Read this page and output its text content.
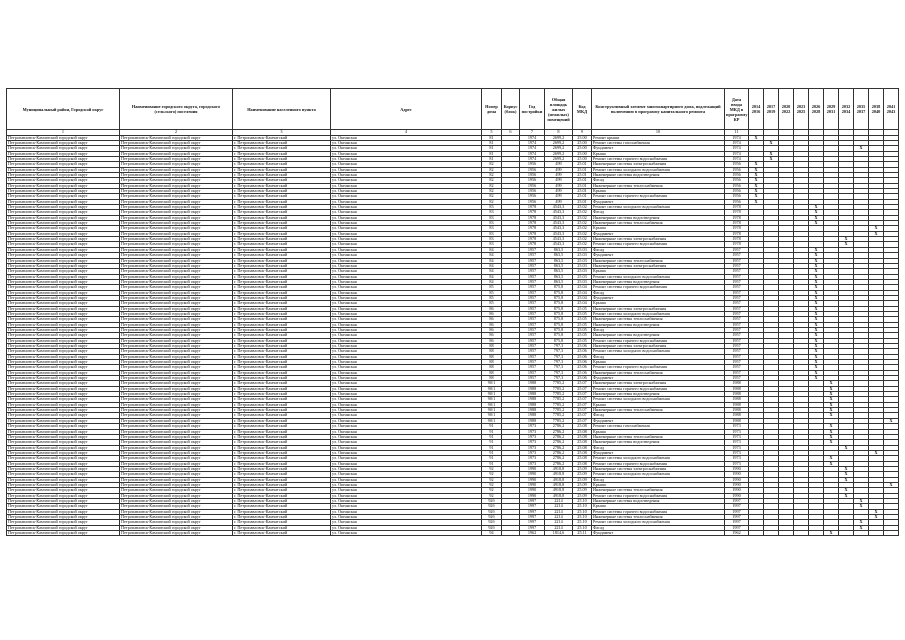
Муниципальный район, Городской округ	Наименование городского округа, городского (сельского) поселения	Наименование населенного пункта	Адрес	Номер дома	Корпус (блок)	Год постройки	Общая площадь жилых (нежилых) помещений	Код МКД	Конструктивный элемент многоквартирного дома, подлежащий включению в программу капитального ремонта	Дата ввода МКД в программу КР	2014 2016	2017 2019	2020 2022	2023 2025	2026 2028	2029 2031	2032 2034	2035 2037	2038 2040	2041 2043
1	2	3	4	5	6	7	8	9	10	11										
Петропавловск-Камчатский городской округ	Петропавловск-Камчатский городской округ	г. Петропавловск-Камчатский	ул. Океанская	81		1974	2699,2	25.00	Ремонт крыши	1974	X									
Петропавловск-Камчатский городской округ	Петропавловск-Камчатский городской округ	г. Петропавловск-Камчатский	ул. Океанская	81		1974	2699,2	25.00	Ремонт системы газоснабжения	1974		X								
Петропавловск-Камчатский городской округ	Петропавловск-Камчатский городской округ	г. Петропавловск-Камчатский	ул. Океанская	81		1974	2699,2	25.00	Фундамент	1974								X		
Петропавловск-Камчатский городской округ	Петропавловск-Камчатский городской округ	г. Петропавловск-Камчатский	ул. Океанская	81		1974	2699,2	25.00	Крыша	1974		X								
Петропавловск-Камчатский городской округ	Петропавловск-Камчатский городской округ	г. Петропавловск-Камчатский	ул. Океанская	81		1974	2699,2	25.00	Ремонт системы горячего водоснабжения	1974		X								
Петропавловск-Камчатский городской округ	Петропавловск-Камчатский городской округ	г. Петропавловск-Камчатский	ул. Океанская	82		1956	499	25.01	Инженерные системы электроснабжения	1956	X									
Петропавловск-Камчатский городской округ	Петропавловск-Камчатский городской округ	г. Петропавловск-Камчатский	ул. Океанская	82		1956	499	25.01	Ремонт системы холодного водоснабжения	1956	X									
Петропавловск-Камчатский городской округ	Петропавловск-Камчатский городской округ	г. Петропавловск-Камчатский	ул. Океанская	82		1956	499	25.01	Инженерные системы водоотведения	1956	X									
Петропавловск-Камчатский городской округ	Петропавловск-Камчатский городской округ	г. Петропавловск-Камчатский	ул. Океанская	82		1956	499	25.01	Фасад	1956	X									
Петропавловск-Камчатский городской округ	Петропавловск-Камчатский городской округ	г. Петропавловск-Камчатский	ул. Океанская	82		1956	499	25.01	Инженерные системы теплоснабжения	1956	X									
Петропавловск-Камчатский городской округ	Петропавловск-Камчатский городской округ	г. Петропавловск-Камчатский	ул. Океанская	82		1956	499	25.01	Крыша	1956	X									
Петропавловск-Камчатский городской округ	Петропавловск-Камчатский городской округ	г. Петропавловск-Камчатский	ул. Океанская	82		1956	499	25.01	Ремонт системы горячего водоснабжения	1956	X									
Петропавловск-Камчатский городской округ	Петропавловск-Камчатский городской округ	г. Петропавловск-Камчатский	ул. Океанская	82		1956	499	25.01	Фундамент	1956	X									
Петропавловск-Камчатский городской округ	Петропавловск-Камчатский городской округ	г. Петропавловск-Камчатский	ул. Океанская	83		1978	4543,3	25.02	Ремонт системы холодного водоснабжения	1978					X					
Петропавловск-Камчатский городской округ	Петропавловск-Камчатский городской округ	г. Петропавловск-Камчатский	ул. Океанская	83		1978	4543,3	25.02	Фасад	1978					X					
Петропавловск-Камчатский городской округ	Петропавловск-Камчатский городской округ	г. Петропавловск-Камчатский	ул. Океанская	83		1978	4543,3	25.02	Инженерные системы водоотведения	1978					X					
Петропавловск-Камчатский городской округ	Петропавловск-Камчатский городской округ	г. Петропавловск-Камчатский	ул. Океанская	83		1978	4543,3	25.02	Инженерные системы теплоснабжения	1978					X					
Петропавловск-Камчатский городской округ	Петропавловск-Камчатский городской округ	г. Петропавловск-Камчатский	ул. Океанская	83		1978	4543,3	25.02	Крыша	1978									X	
Петропавловск-Камчатский городской округ	Петропавловск-Камчатский городской округ	г. Петропавловск-Камчатский	ул. Океанская	83		1978	4543,3	25.02	Фундамент	1978									X	
Петропавловск-Камчатский городской округ	Петропавловск-Камчатский городской округ	г. Петропавловск-Камчатский	ул. Океанская	83		1978	4543,3	25.02	Инженерные системы электроснабжения	1978							X			
Петропавловск-Камчатский городской округ	Петропавловск-Камчатский городской округ	г. Петропавловск-Камчатский	ул. Океанская	83		1978	4543,3	25.02	Ремонт системы горячего водоснабжения	1978							X			
Петропавловск-Камчатский городской округ	Петропавловск-Камчатский городской округ	г. Петропавловск-Камчатский	ул. Океанская	84		1957	863,5	25.03	Фасад	1957					X					
Петропавловск-Камчатский городской округ	Петропавловск-Камчатский городской округ	г. Петропавловск-Камчатский	ул. Океанская	84		1957	863,5	25.03	Фундамент	1957					X					
Петропавловск-Камчатский городской округ	Петропавловск-Камчатский городской округ	г. Петропавловск-Камчатский	ул. Океанская	84		1957	863,5	25.03	Инженерные системы теплоснабжения	1957					X					
Петропавловск-Камчатский городской округ	Петропавловск-Камчатский городской округ	г. Петропавловск-Камчатский	ул. Океанская	84		1957	863,5	25.03	Инженерные системы электроснабжения	1957					X					
Петропавловск-Камчатский городской округ	Петропавловск-Камчатский городской округ	г. Петропавловск-Камчатский	ул. Океанская	84		1957	863,5	25.03	Крыша	1957					X					
Петропавловск-Камчатский городской округ	Петропавловск-Камчатский городской округ	г. Петропавловск-Камчатский	ул. Океанская	84		1957	863,5	25.03	Ремонт системы холодного водоснабжения	1957					X					
Петропавловск-Камчатский городской округ	Петропавловск-Камчатский городской округ	г. Петропавловск-Камчатский	ул. Океанская	84		1957	863,5	25.03	Инженерные системы водоотведения	1957					X					
Петропавловск-Камчатский городской округ	Петропавловск-Камчатский городской округ	г. Петропавловск-Камчатский	ул. Океанская	85		1957	875,8	25.04	Ремонт системы горячего водоснабжения	1957					X					
Петропавловск-Камчатский городской округ	Петропавловск-Камчатский городской округ	г. Петропавловск-Камчатский	ул. Океанская	85		1957	875,8	25.04	Фасад	1957					X					
Петропавловск-Камчатский городской округ	Петропавловск-Камчатский городской округ	г. Петропавловск-Камчатский	ул. Океанская	85		1957	875,8	25.04	Фундамент	1957					X					
Петропавловск-Камчатский городской округ	Петропавловск-Камчатский городской округ	г. Петропавловск-Камчатский	ул. Океанская	85		1957	875,8	25.04	Крыша	1957					X					
Петропавловск-Камчатский городской округ	Петропавловск-Камчатский городской округ	г. Петропавловск-Камчатский	ул. Океанская	86		1957	875,8	25.05	Инженерные системы электроснабжения	1957					X					
Петропавловск-Камчатский городской округ	Петропавловск-Камчатский городской округ	г. Петропавловск-Камчатский	ул. Океанская	86		1957	875,8	25.05	Ремонт системы холодного водоснабжения	1957					X					
Петропавловск-Камчатский городской округ	Петропавловск-Камчатский городской округ	г. Петропавловск-Камчатский	ул. Океанская	86		1957	875,8	25.05	Инженерные системы теплоснабжения	1957					X					
Петропавловск-Камчатский городской округ	Петропавловск-Камчатский городской округ	г. Петропавловск-Камчатский	ул. Океанская	86		1957	875,8	25.05	Инженерные системы водоотведения	1957					X					
Петропавловск-Камчатский городской округ	Петропавловск-Камчатский городской округ	г. Петропавловск-Камчатский	ул. Океанская	86		1957	875,8	25.05	Фасад	1957					X					
Петропавловск-Камчатский городской округ	Петропавловск-Камчатский городской округ	г. Петропавловск-Камчатский	ул. Океанская	86		1957	875,8	25.05	Инженерные системы водоотведения	1957					X					
Петропавловск-Камчатский городской округ	Петропавловск-Камчатский городской округ	г. Петропавловск-Камчатский	ул. Океанская	86		1957	875,8	25.05	Ремонт системы горячего водоснабжения	1957					X					
Петропавловск-Камчатский городской округ	Петропавловск-Камчатский городской округ	г. Петропавловск-Камчатский	ул. Океанская	88		1957	797,3	25.06	Инженерные системы электроснабжения	1957					X					
Петропавловск-Камчатский городской округ	Петропавловск-Камчатский городской округ	г. Петропавловск-Камчатский	ул. Океанская	88		1957	797,3	25.06	Ремонт системы холодного водоснабжения	1957					X					
Петропавловск-Камчатский городской округ	Петропавловск-Камчатский городской округ	г. Петропавловск-Камчатский	ул. Океанская	88		1957	797,3	25.06	Фасад	1957					X					
Петропавловск-Камчатский городской округ	Петропавловск-Камчатский городской округ	г. Петропавловск-Камчатский	ул. Океанская	88		1957	797,3	25.06	Крыша	1957					X					
Петропавловск-Камчатский городской округ	Петропавловск-Камчатский городской округ	г. Петропавловск-Камчатский	ул. Океанская	88		1957	797,3	25.06	Ремонт системы горячего водоснабжения	1957					X					
Петропавловск-Камчатский городской округ	Петропавловск-Камчатский городской округ	г. Петропавловск-Камчатский	ул. Океанская	88		1957	797,3	25.06	Инженерные системы теплоснабжения	1957					X					
Петропавловск-Камчатский городской округ	Петропавловск-Камчатский городской округ	г. Петропавловск-Камчатский	ул. Океанская	88		1957	797,3	25.06	Фундамент	1957					X					
Петропавловск-Камчатский городской округ	Петропавловск-Камчатский городской округ	г. Петропавловск-Камчатский	ул. Океанская	90/1		1988	7785,2	25.07	Инженерные системы электроснабжения	1988						X				
Петропавловск-Камчатский городской округ	Петропавловск-Камчатский городской округ	г. Петропавловск-Камчатский	ул. Океанская	90/1		1988	7785,2	25.07	Ремонт системы горячего водоснабжения	1988						X				
Петропавловск-Камчатский городской округ	Петропавловск-Камчатский городской округ	г. Петропавловск-Камчатский	ул. Океанская	90/1		1988	7785,2	25.07	Инженерные системы водоотведения	1988						X				
Петропавловск-Камчатский городской округ	Петропавловск-Камчатский городской округ	г. Петропавловск-Камчатский	ул. Океанская	90/1		1988	7785,2	25.07	Ремонт системы холодного водоснабжения	1988						X				
Петропавловск-Камчатский городской округ	Петропавловск-Камчатский городской округ	г. Петропавловск-Камчатский	ул. Океанская	90/1		1988	7785,2	25.07	Крыша	1988						X				
Петропавловск-Камчатский городской округ	Петропавловск-Камчатский городской округ	г. Петропавловск-Камчатский	ул. Океанская	90/1		1988	7785,2	25.07	Инженерные системы теплоснабжения	1988						X				
Петропавловск-Камчатский городской округ	Петропавловск-Камчатский городской округ	г. Петропавловск-Камчатский	ул. Океанская	90/1		1988	7785,2	25.07	Фасад	1988						X				
Петропавловск-Камчатский городской округ	Петропавловск-Камчатский городской округ	г. Петропавловск-Камчатский	ул. Океанская	90/1		1988	7785,2	25.07	Фундамент	1988										X
Петропавловск-Камчатский городской округ	Петропавловск-Камчатский городской округ	г. Петропавловск-Камчатский	ул. Океанская	91		1973	2786,2	25.08	Ремонт системы газоснабжения	1973						X				
Петропавловск-Камчатский городской округ	Петропавловск-Камчатский городской округ	г. Петропавловск-Камчатский	ул. Океанская	91		1973	2786,2	25.08	Крыша	1973						X				
Петропавловск-Камчатский городской округ	Петропавловск-Камчатский городской округ	г. Петропавловск-Камчатский	ул. Океанская	91		1973	2786,2	25.08	Инженерные системы теплоснабжения	1973						X				
Петропавловск-Камчатский городской округ	Петропавловск-Камчатский городской округ	г. Петропавловск-Камчатский	ул. Океанская	91		1973	2786,2	25.08	Инженерные системы водоотведения	1973						X				
Петропавловск-Камчатский городской округ	Петропавловск-Камчатский городской округ	г. Петропавловск-Камчатский	ул. Океанская	91		1973	2786,2	25.08	Фасад	1973							X			
Петропавловск-Камчатский городской округ	Петропавловск-Камчатский городской округ	г. Петропавловск-Камчатский	ул. Океанская	91		1973	2786,2	25.08	Фундамент	1973									X	
Петропавловск-Камчатский городской округ	Петропавловск-Камчатский городской округ	г. Петропавловск-Камчатский	ул. Океанская	91		1973	2786,2	25.08	Ремонт системы холодного водоснабжения	1973						X				
Петропавловск-Камчатский городской округ	Петропавловск-Камчатский городской округ	г. Петропавловск-Камчатский	ул. Океанская	91		1973	2786,2	25.08	Ремонт системы горячего водоснабжения	1973						X				
Петропавловск-Камчатский городской округ	Петропавловск-Камчатский городской округ	г. Петропавловск-Камчатский	ул. Океанская	92		1990	4918,8	25.09	Инженерные системы электроснабжения	1990							X			
Петропавловск-Камчатский городской округ	Петропавловск-Камчатский городской округ	г. Петропавловск-Камчатский	ул. Океанская	92		1990	4918,8	25.09	Ремонт системы холодного водоснабжения	1990							X			
Петропавловск-Камчатский городской округ	Петропавловск-Камчатский городской округ	г. Петропавловск-Камчатский	ул. Океанская	92		1990	4918,8	25.09	Фасад	1990							X			
Петропавловск-Камчатский городской округ	Петропавловск-Камчатский городской округ	г. Петропавловск-Камчатский	ул. Океанская	92		1990	4918,8	25.09	Крыша	1990										X
Петропавловск-Камчатский городской округ	Петропавловск-Камчатский городской округ	г. Петропавловск-Камчатский	ул. Океанская	92		1990	4918,8	25.09	Инженерные системы теплоснабжения	1990							X			
Петропавловск-Камчатский городской округ	Петропавловск-Камчатский городской округ	г. Петропавловск-Камчатский	ул. Океанская	92		1990	4918,8	25.09	Ремонт системы горячего водоснабжения	1990							X			
Петропавловск-Камчатский городской округ	Петропавловск-Камчатский городской округ	г. Петропавловск-Камчатский	ул. Океанская	92б		1997	2214	25.10	Инженерные системы водоотведения	1997								X		
Петропавловск-Камчатский городской округ	Петропавловск-Камчатский городской округ	г. Петропавловск-Камчатский	ул. Океанская	92б		1997	2214	25.10	Крыша	1997								X		
Петропавловск-Камчатский городской округ	Петропавловск-Камчатский городской округ	г. Петропавловск-Камчатский	ул. Океанская	92б		1997	2214	25.10	Ремонт системы горячего водоснабжения	1997									X	
Петропавловск-Камчатский городской округ	Петропавловск-Камчатский городской округ	г. Петропавловск-Камчатский	ул. Океанская	92б		1997	2214	25.10	Инженерные системы теплоснабжения	1997									X	
Петропавловск-Камчатский городской округ	Петропавловск-Камчатский городской округ	г. Петропавловск-Камчатский	ул. Океанская	92б		1997	2214	25.10	Ремонт системы холодного водоснабжения	1997								X		
Петропавловск-Камчатский городской округ	Петропавловск-Камчатский городской округ	г. Петропавловск-Камчатский	ул. Океанская	92б		1997	2214	25.10	Фасад	1997								X		
Петропавловск-Камчатский городской округ	Петропавловск-Камчатский городской округ	г. Петропавловск-Камчатский	ул. Океанская	94		1962	1814,6	25.11	Фундамент	1962						X				
